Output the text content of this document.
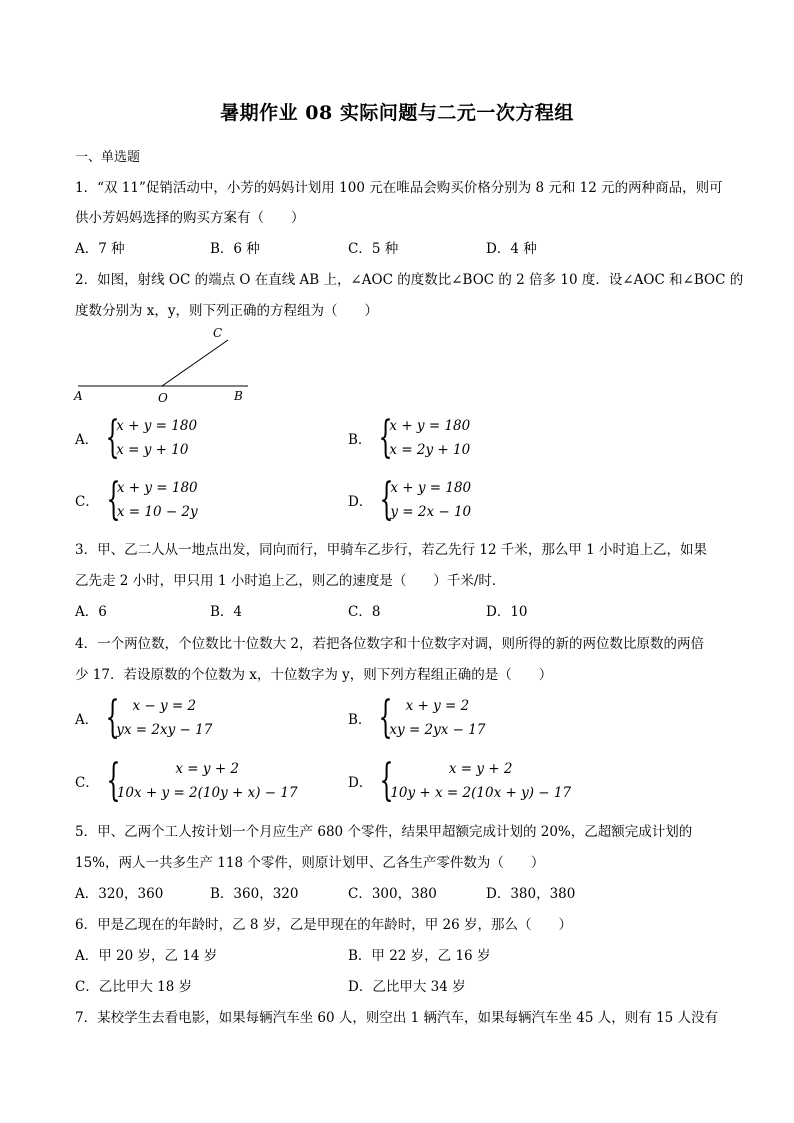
暑期作业 08 实际问题与二元一次方程组
一、单选题
1．“双 11”促销活动中，小芳的妈妈计划用 100 元在唯品会购买价格分别为 8 元和 12 元的两种商品，则可
供小芳妈妈选择的购买方案有（　　）
A．7 种	B．6 种	C．5 种	D．4 种
2．如图，射线 OC 的端点 O 在直线 AB 上，∠AOC 的度数比∠BOC 的 2 倍多 10 度．设∠AOC 和∠BOC 的
度数分别为 x，y，则下列正确的方程组为（　　）
C
A	O	B
A． {
x + y = 180
x = y + 10
B． {
x + y = 180
x = 2y + 10
C． {
x + y = 180
x = 10 − 2y
D． {
x + y = 180
y = 2x − 10
3．甲、乙二人从一地点出发，同向而行，甲骑车乙步行，若乙先行 12 千米，那么甲 1 小时追上乙，如果
乙先走 2 小时，甲只用 1 小时追上乙，则乙的速度是（　　）千米/时．
A．6	B．4	C．8	D．10
4．一个两位数，个位数比十位数大 2，若把各位数字和十位数字对调，则所得的新的两位数比原数的两倍
少 17．若设原数的个位数为 x，十位数字为 y，则下列方程组正确的是（　　）
A． { x − y = 2
yx = 2xy − 17
B． { x + y = 2
xy = 2yx − 17
C． {	x = y + 2
10x + y = 2(10y + x) − 17
D． {	x = y + 2
10y + x = 2(10x + y) − 17
5．甲、乙两个工人按计划一个月应生产 680 个零件，结果甲超额完成计划的 20%，乙超额完成计划的
15%，两人一共多生产 118 个零件，则原计划甲、乙各生产零件数为（　　）
A．320，360	B．360，320	C．300，380	D．380，380
6．甲是乙现在的年龄时，乙 8 岁，乙是甲现在的年龄时，甲 26 岁，那么（　　）
A．甲 20 岁，乙 14 岁	B．甲 22 岁，乙 16 岁
C．乙比甲大 18 岁	D．乙比甲大 34 岁
7．某校学生去看电影，如果每辆汽车坐 60 人，则空出 1 辆汽车，如果每辆汽车坐 45 人，则有 15 人没有
